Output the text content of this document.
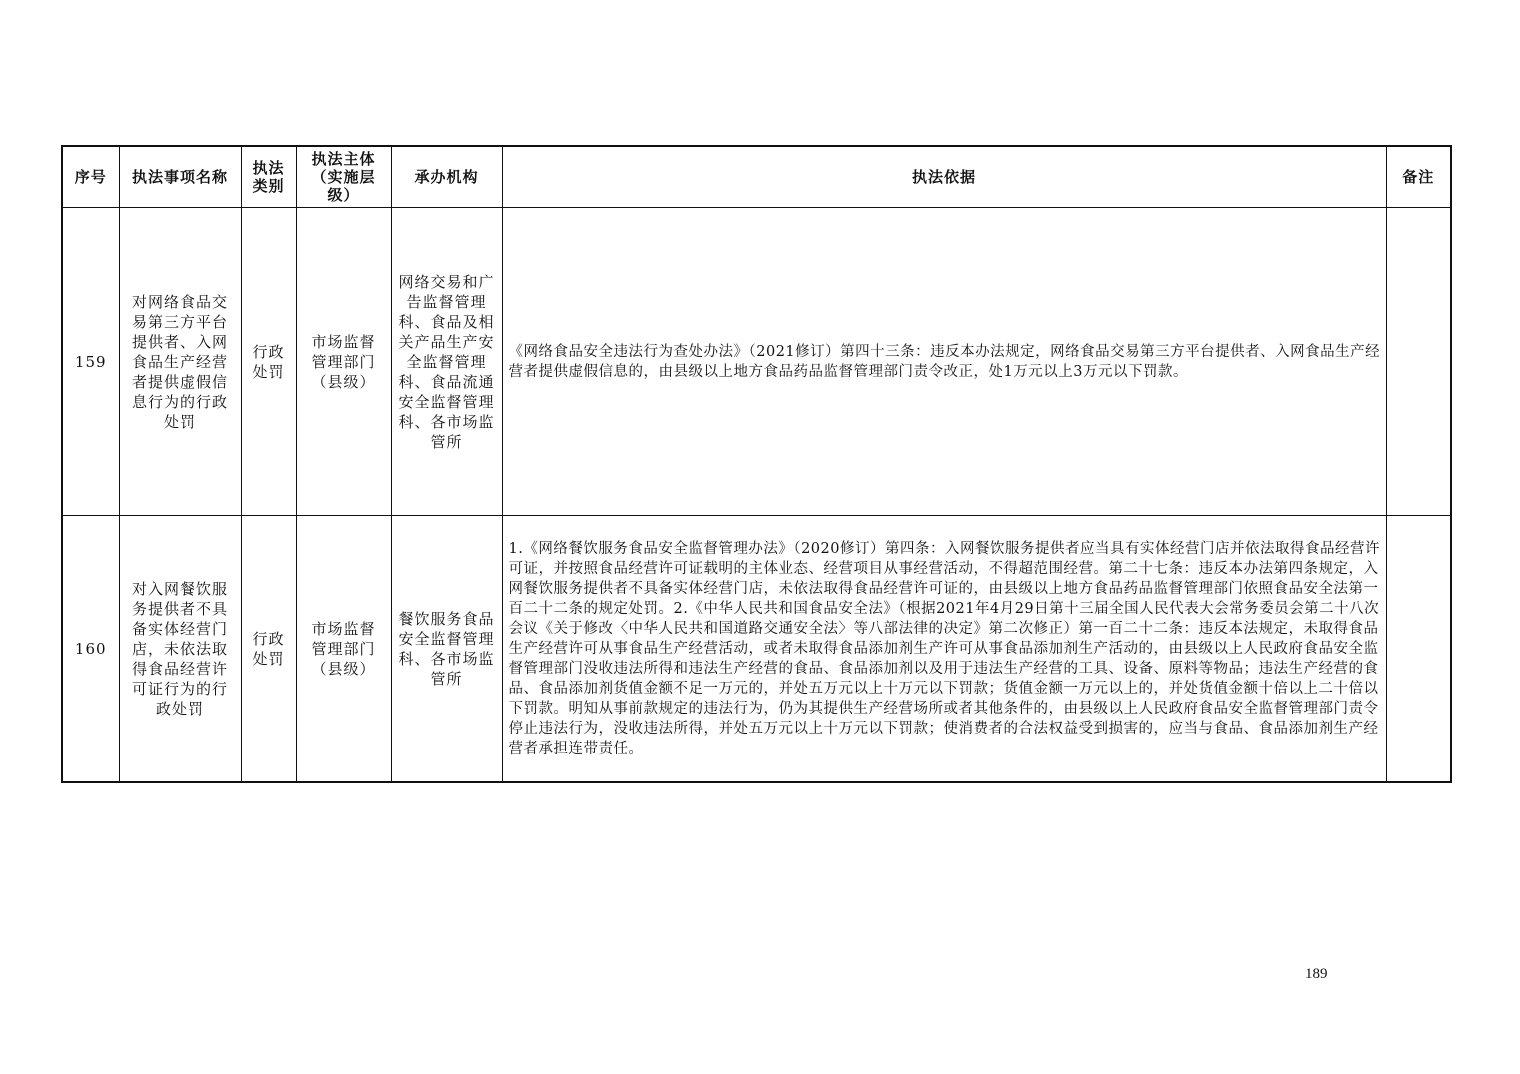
序号	执法事项名称	执法类别	执法主体（实施层级）	承办机构	执法依据	备注
159	对网络食品交易第三方平台提供者、入网食品生产经营者提供虚假信息行为的行政处罚	行政处罚	市场监督管理部门（县级）	网络交易和广告监督管理科、食品及相关产品生产安全监督管理科、食品流通安全监督管理科、各市场监管所	《网络食品安全违法行为查处办法》（2021修订）第四十三条：违反本办法规定，网络食品交易第三方平台提供者、入网食品生产经营者提供虚假信息的，由县级以上地方食品药品监督管理部门责令改正，处1万元以上3万元以下罚款。	
160	对入网餐饮服务提供者不具备实体经营门店，未依法取得食品经营许可证行为的行政处罚	行政处罚	市场监督管理部门（县级）	餐饮服务食品安全监督管理科、各市场监管所	1.《网络餐饮服务食品安全监督管理办法》（2020修订）第四条：入网餐饮服务提供者应当具有实体经营门店并依法取得食品经营许可证，并按照食品经营许可证载明的主体业态、经营项目从事经营活动，不得超范围经营。第二十七条：违反本办法第四条规定，入网餐饮服务提供者不具备实体经营门店，未依法取得食品经营许可证的，由县级以上地方食品药品监督管理部门依照食品安全法第一百二十二条的规定处罚。2.《中华人民共和国食品安全法》（根据2021年4月29日第十三届全国人民代表大会常务委员会第二十八次会议《关于修改〈中华人民共和国道路交通安全法〉等八部法律的决定》第二次修正）第一百二十二条：违反本法规定，未取得食品生产经营许可从事食品生产经营活动，或者未取得食品添加剂生产许可从事食品添加剂生产活动的，由县级以上人民政府食品安全监督管理部门没收违法所得和违法生产经营的食品、食品添加剂以及用于违法生产经营的工具、设备、原料等物品；违法生产经营的食品、食品添加剂货值金额不足一万元的，并处五万元以上十万元以下罚款；货值金额一万元以上的，并处货值金额十倍以上二十倍以下罚款。明知从事前款规定的违法行为，仍为其提供生产经营场所或者其他条件的，由县级以上人民政府食品安全监督管理部门责令停止违法行为，没收违法所得，并处五万元以上十万元以下罚款；使消费者的合法权益受到损害的，应当与食品、食品添加剂生产经营者承担连带责任。	
189
